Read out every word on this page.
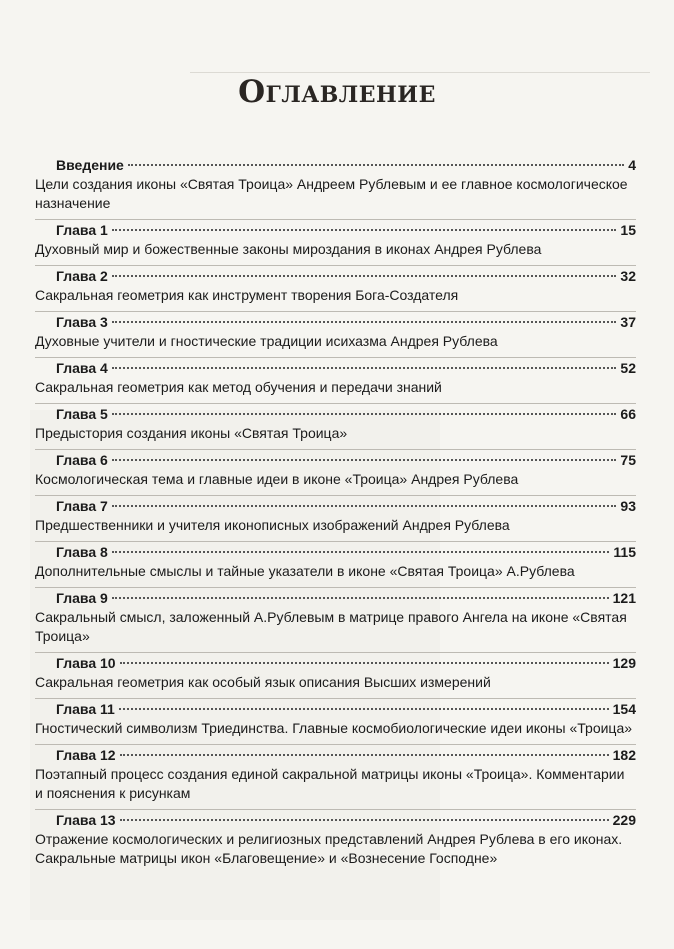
Оглавление
Введение	4
Цели создания иконы «Святая Троица» Андреем Рублевым и ее главное космологическое назначение
Глава 1	15
Духовный мир и божественные законы мироздания в иконах Андрея Рублева
Глава 2	32
Сакральная геометрия как инструмент творения Бога-Создателя
Глава 3	37
Духовные учители и гностические традиции исихазма Андрея Рублева
Глава 4	52
Сакральная геометрия как метод обучения и передачи знаний
Глава 5	66
Предыстория создания иконы «Святая Троица»
Глава 6	75
Космологическая тема и главные идеи в иконе «Троица» Андрея Рублева
Глава 7	93
Предшественники и учителя иконописных изображений Андрея Рублева
Глава 8	115
Дополнительные смыслы и тайные указатели в иконе «Святая Троица» А.Рублева
Глава 9	121
Сакральный смысл, заложенный А.Рублевым в матрице правого Ангела на иконе «Святая Троица»
Глава 10	129
Сакральная геометрия как особый язык описания Высших измерений
Глава 11	154
Гностический символизм Триединства. Главные космобиологические идеи иконы «Троица»
Глава 12	182
Поэтапный процесс создания единой сакральной матрицы иконы «Троица». Комментарии и пояснения к рисункам
Глава 13	229
Отражение космологических и религиозных представлений Андрея Рублева в его иконах. Сакральные матрицы икон «Благовещение» и «Вознесение Господне»
